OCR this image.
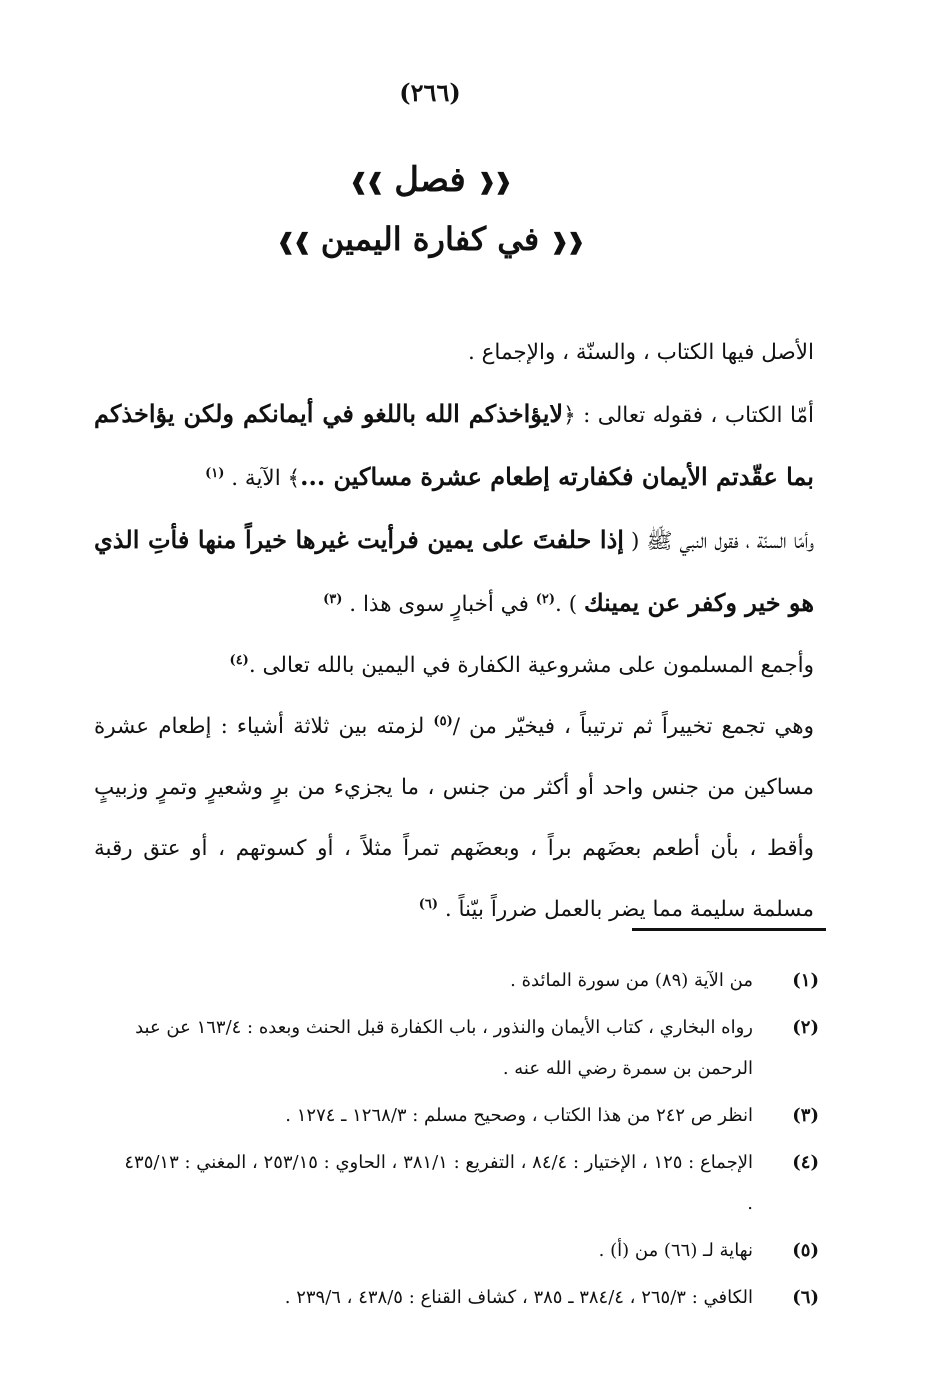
(٢٦٦)
❰❰ فصل ❱❱
❰❰ في كفارة اليمين ❱❱

الأصل فيها الكتاب ، والسنّة ، والإجماع .

أمّا الكتاب ، فقوله تعالى : ﴿لايؤاخذكم الله باللغو في أيمانكم ولكن يؤاخذكم بما عقّدتم الأيمان فكفارته إطعام عشرة مساكين ...﴾ الآية . $^{(١)}$

وأمّا السنّة ، فقول النبي ﷺ ( إذا حلفتَ على يمين فرأيت غيرها خيراً منها فأتِ الذي هو خير وكفر عن يمينك ) .$^{(٢)}$ في أخبارٍ سوى هذا . $^{(٣)}$

وأجمع المسلمون على مشروعية الكفارة في اليمين بالله تعالى .$^{(٤)}$

وهي تجمع تخييراً ثم ترتيباً ، فيخيّر من /$^{(٥)}$ لزمته بين ثلاثة أشياء : إطعام عشرة مساكين من جنس واحد أو أكثر من جنس ، ما يجزيء من برٍ وشعيرٍ وتمرٍ وزبيبٍ وأقط ، بأن أطعم بعضَهم براً ، وبعضَهم تمراً مثلاً ، أو كسوتهم ، أو عتق رقبة مسلمة سليمة مما يضر بالعمل ضرراً بيّناً . $^{(٦)}$

(١)
من الآية (٨٩) من سورة المائدة .
(٢)
رواه البخاري ، كتاب الأيمان والنذور ، باب الكفارة قبل الحنث وبعده : ١٦٣/٤ عن عبد الرحمن بن سمرة رضي الله عنه .
(٣)
انظر ص ٢٤٢ من هذا الكتاب ، وصحيح مسلم : ١٢٦٨/٣ ـ ١٢٧٤ .
(٤)
الإجماع : ١٢٥ ، الإختيار : ٨٤/٤ ، التفريع : ٣٨١/١ ، الحاوي : ٢٥٣/١٥ ، المغني : ٤٣٥/١٣ .
(٥)
نهاية لـ (٦٦) من (أ) .
(٦)
الكافي : ٢٦٥/٣ ، ٣٨٤/٤ ـ ٣٨٥ ، كشاف القناع : ٤٣٨/٥ ، ٢٣٩/٦ .
